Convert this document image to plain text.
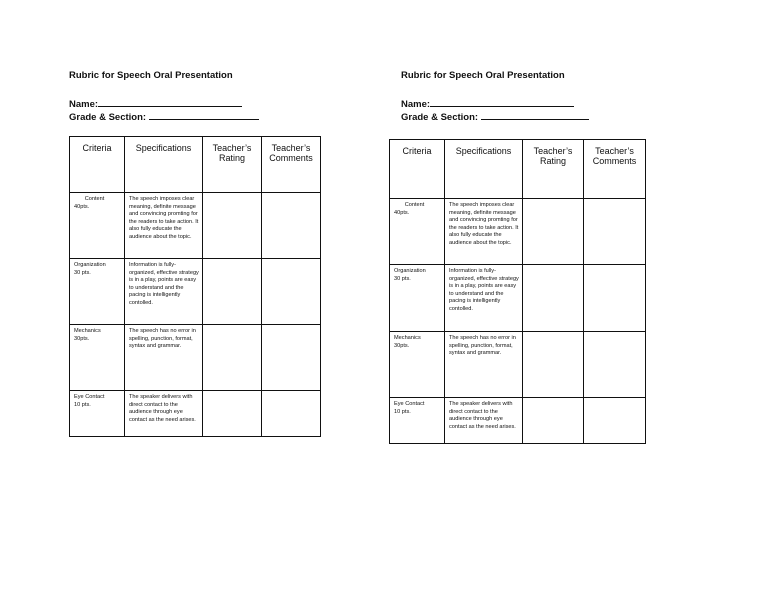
Rubric for Speech Oral Presentation
Name:
Grade & Section:
Criteria	Specifications	Teacher’s Rating	Teacher’s Comments

Content
40pts.	The speech imposes clear meaning, definite message and convincing promting for the readers to take action. It also fully educate the audience about the topic.		

Organization
30 pts.	Information is fully-organized, effective strategy is in a play, points are easy to understand and the pacing is intelligently contolled.		

Mechanics
30pts.	The speech has no error in spelling, punction, format, syntax and grammar.		

Eye Contact
10 pts.	The speaker delivers with direct contact to the audience through eye contact as the need arises.		

Rubric for Speech Oral Presentation
Name:
Grade & Section:
Criteria	Specifications	Teacher’s Rating	Teacher’s Comments

Content
40pts.	The speech imposes clear meaning, definite message and convincing promting for the readers to take action. It also fully educate the audience about the topic.		

Organization
30 pts.	Information is fully-organized, effective strategy is in a play, points are easy to understand and the pacing is intelligently contolled.		

Mechanics
30pts.	The speech has no error in spelling, punction, format, syntax and grammar.		

Eye Contact
10 pts.	The speaker delivers with direct contact to the audience through eye contact as the need arises.		
